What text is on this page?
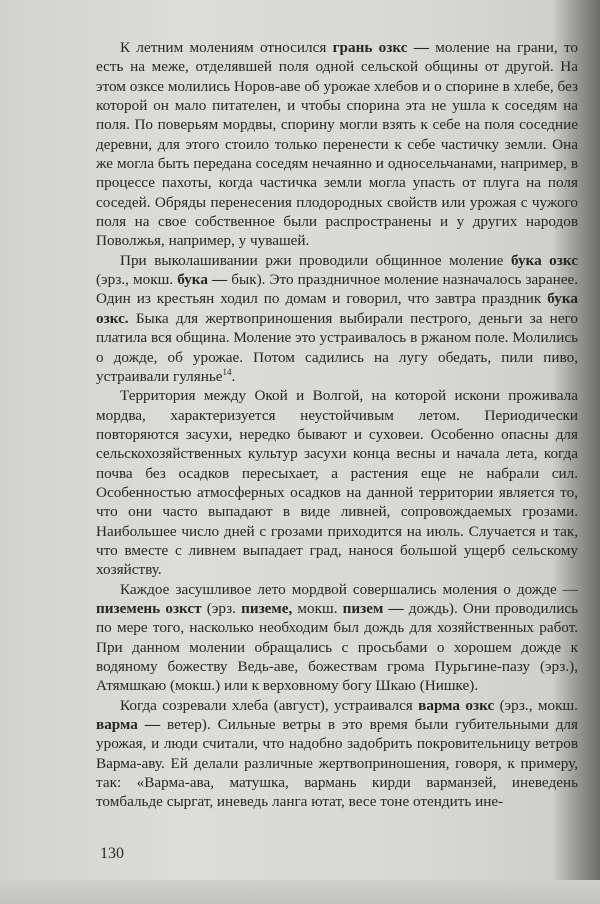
К летним молениям относился грань озкс — моление на грани, то есть на меже, отделявшей поля одной сельской общины от другой. На этом озксе молились Норов-аве об урожае хлебов и о спорине в хлебе, без которой он мало питателен, и чтобы спорина эта не ушла к соседям на поля. По поверьям мордвы, спорину могли взять к себе на поля соседние деревни, для этого стоило только перенести к себе частичку земли. Она же могла быть передана соседям нечаянно и односельчанами, например, в процессе пахоты, когда частичка земли могла упасть от плуга на поля соседей. Обряды перенесения плодородных свойств или урожая с чужого поля на свое собственное были распространены и у других народов Поволжья, например, у чувашей.

При выколашивании ржи проводили общинное моление бука озкс (эрз., мокш. бука — бык). Это праздничное моление назначалось заранее. Один из крестьян ходил по домам и говорил, что завтра праздник бука озкс. Быка для жертвоприношения выбирали пестрого, деньги за него платила вся община. Моление это устраивалось в ржаном поле. Молились о дожде, об урожае. Потом садились на лугу обедать, пили пиво, устраивали гулянье$^{14}$.

Территория между Окой и Волгой, на которой искони проживала мордва, характеризуется неустойчивым летом. Периодически повторяются засухи, нередко бывают и суховеи. Особенно опасны для сельскохозяйственных культур засухи конца весны и начала лета, когда почва без осадков пересыхает, а растения еще не набрали сил. Особенностью атмосферных осадков на данной территории является то, что они часто выпадают в виде ливней, сопровождаемых грозами. Наибольшее число дней с грозами приходится на июль. Случается и так, что вместе с ливнем выпадает град, нанося большой ущерб сельскому хозяйству.

Каждое засушливое лето мордвой совершались моления о дожде — пиземень озкст (эрз. пиземе, мокш. пизем — дождь). Они проводились по мере того, насколько необходим был дождь для хозяйственных работ. При данном молении обращались с просьбами о хорошем дожде к водяному божеству Ведь-аве, божествам грома Пурьгине-пазу (эрз.), Атямшкаю (мокш.) или к верховному богу Шкаю (Нишке).

Когда созревали хлеба (август), устраивался варма озкс (эрз., мокш. варма — ветер). Сильные ветры в это время были губительными для урожая, и люди считали, что надобно задобрить покровительницу ветров Варма-аву. Ей делали различные жертвоприношения, говоря, к примеру, так: «Варма-ава, матушка, вармань кирди варманзей, иневедень томбальде сыргат, иневедь ланга ютат, весе тоне отендить ине-

130
